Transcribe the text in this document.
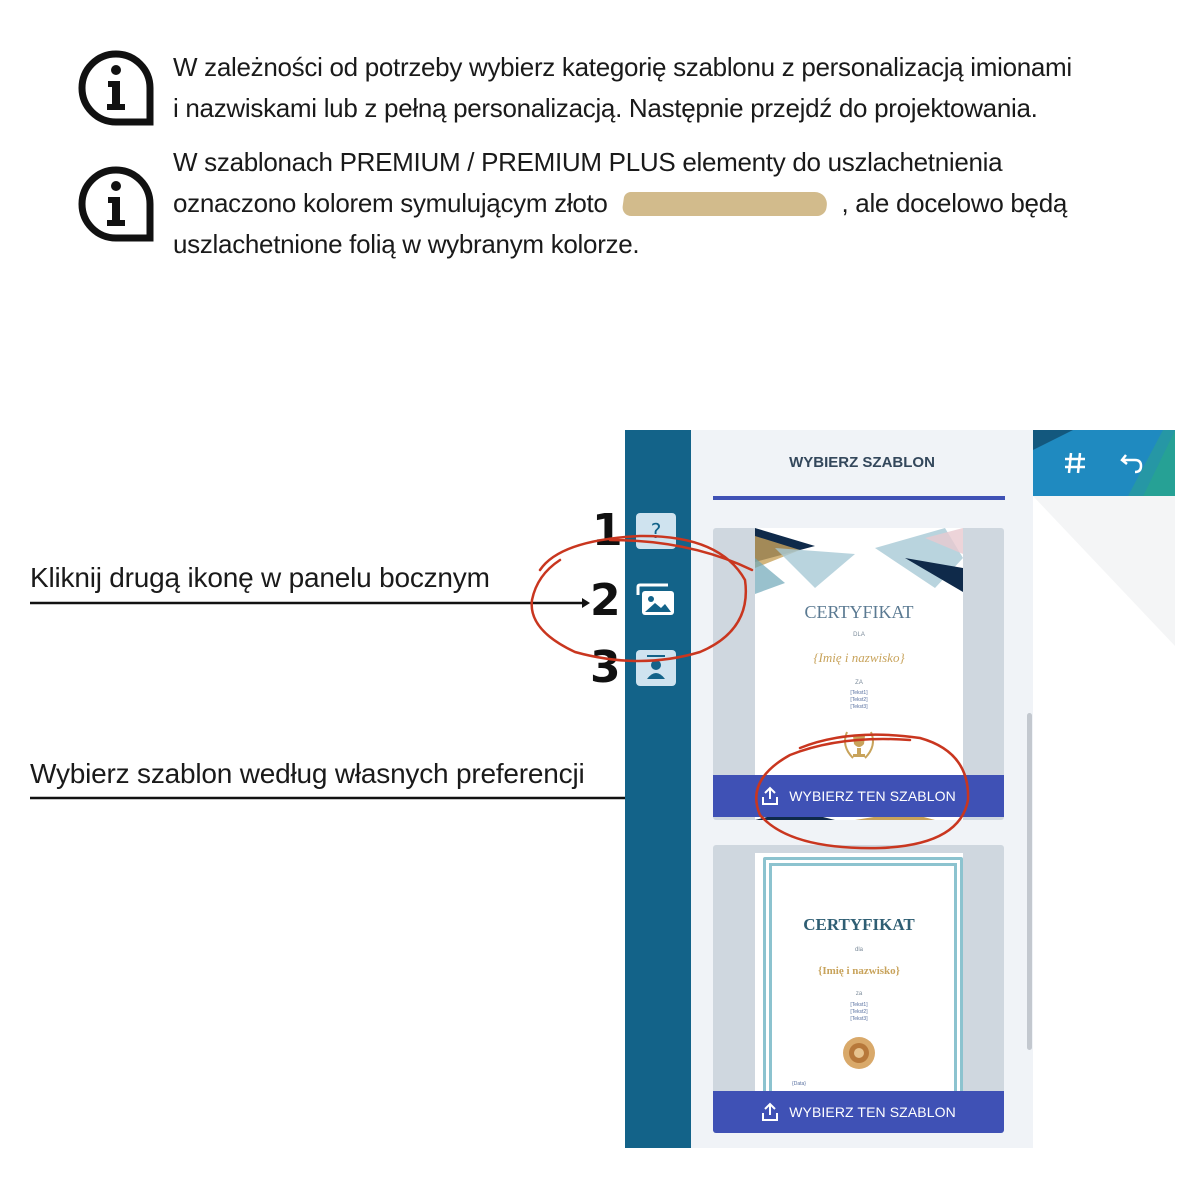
W zależności od potrzeby wybierz kategorię szablonu z personalizacją imionami
i nazwiskami lub z pełną personalizacją. Następnie przejdź do projektowania.
W szablonach PREMIUM / PREMIUM PLUS elementy do uszlachetnienia
oznaczono kolorem symulującym złoto	, ale docelowo będą
uszlachetnione folią w wybranym kolorze.
Kliknij drugą ikonę w panelu bocznym
Wybierz szablon według własnych preferencji
1
2
3
?
WYBIERZ SZABLON
CERTYFIKAT
DLA
{Imię i nazwisko}
ZA
[Tekst1]
[Tekst2]
[Tekst3]
WYBIERZ TEN SZABLON
CERTYFIKAT
dla
{Imię i nazwisko}
za
[Tekst1]
[Tekst2]
[Tekst3]
{Data}
WYBIERZ TEN SZABLON
